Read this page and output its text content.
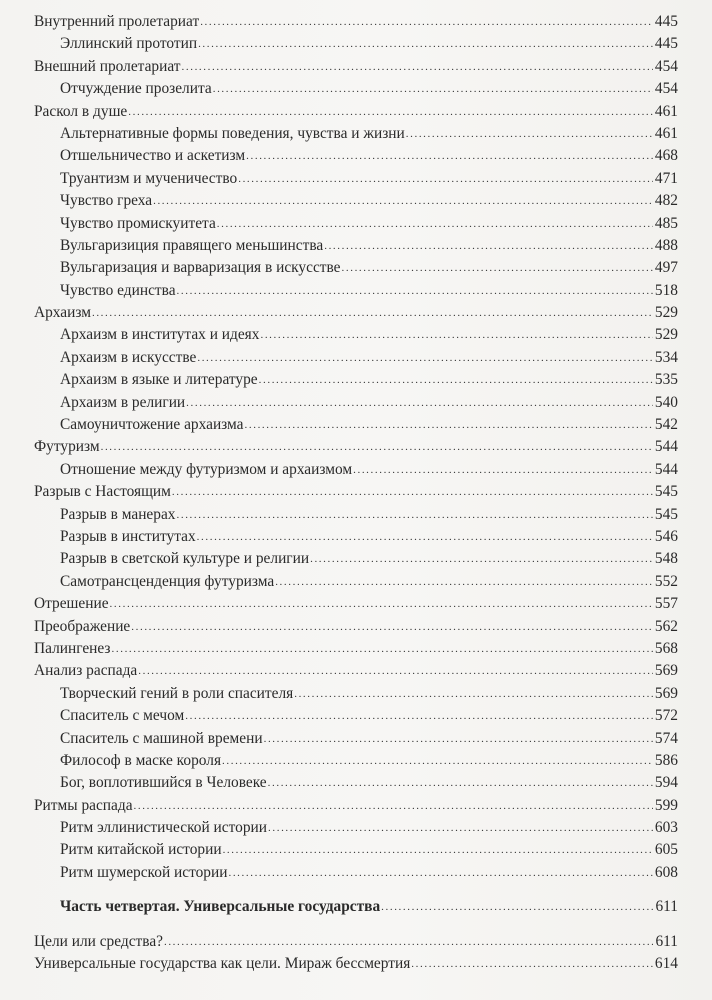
Внутренний пролетариат .....	445
Эллинский прототип .....	445
Внешний пролетариат .....	454
Отчуждение прозелита .....	454
Раскол в душе .....	461
Альтернативные формы поведения, чувства и жизни .....	461
Отшельничество и аскетизм .....	468
Труантизм и мученичество .....	471
Чувство греха .....	482
Чувство промискуитета .....	485
Вульгаризиция правящего меньшинства .....	488
Вульгаризация и варваризация в искусстве .....	497
Чувство единства .....	518
Архаизм .....	529
Архаизм в институтах и идеях .....	529
Архаизм в искусстве .....	534
Архаизм в языке и литературе .....	535
Архаизм в религии .....	540
Самоуничтожение архаизма .....	542
Футуризм .....	544
Отношение между футуризмом и архаизмом .....	544
Разрыв с Настоящим .....	545
Разрыв в манерах .....	545
Разрыв в институтах .....	546
Разрыв в светской культуре и религии .....	548
Самотрансценденция футуризма .....	552
Отрешение .....	557
Преображение .....	562
Палингенез .....	568
Анализ распада .....	569
Творческий гений в роли спасителя .....	569
Спаситель с мечом .....	572
Спаситель с машиной времени .....	574
Философ в маске короля .....	586
Бог, воплотившийся в Человеке .....	594
Ритмы распада .....	599
Ритм эллинистической истории .....	603
Ритм китайской истории .....	605
Ритм шумерской истории .....	608
Часть четвертая. Универсальные государства .....	611
Цели или средства? .....	611
Универсальные государства как цели. Мираж бессмертия .....	614
